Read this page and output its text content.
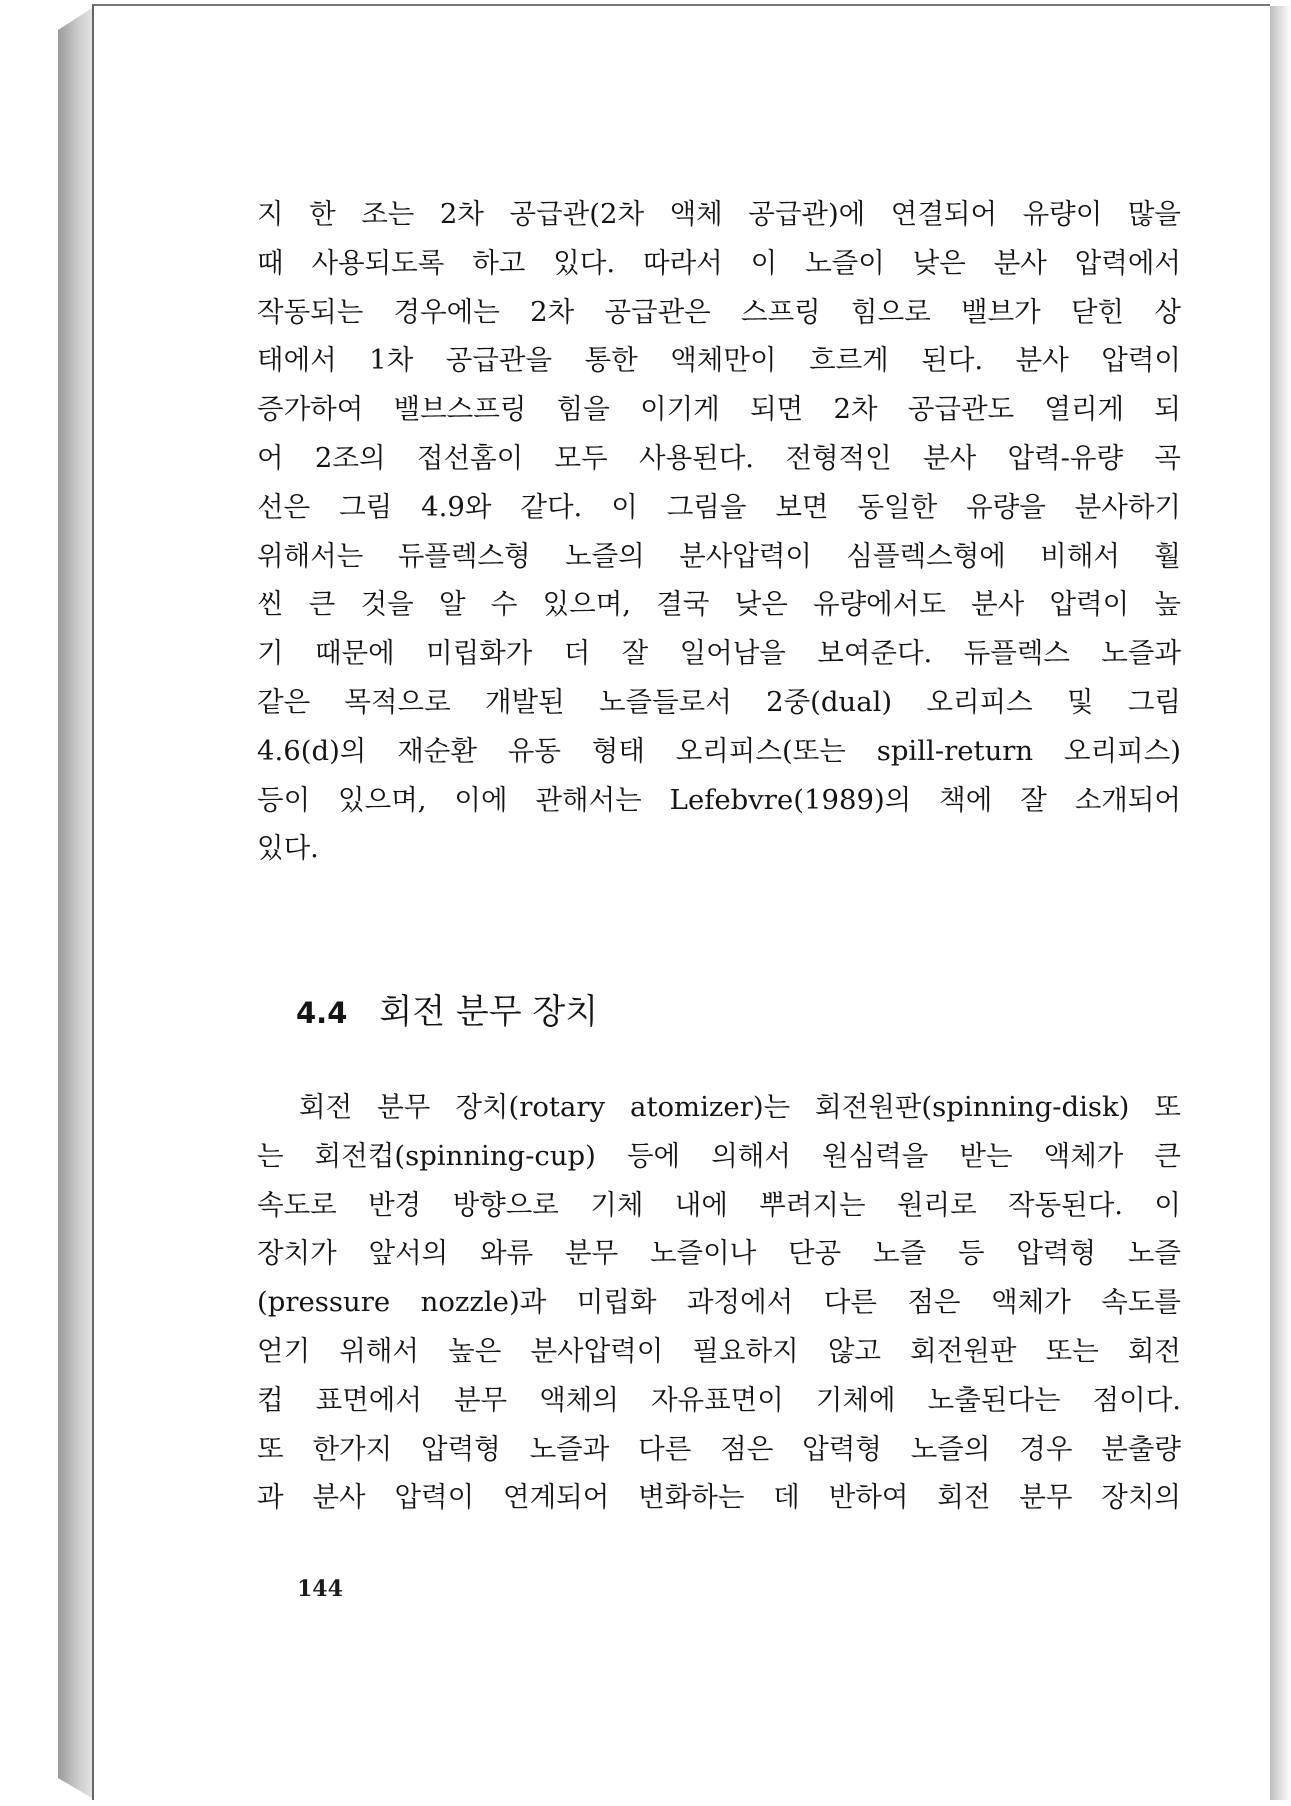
지 한 조는 2차 공급관(2차 액체 공급관)에 연결되어 유량이 많을
때 사용되도록 하고 있다. 따라서 이 노즐이 낮은 분사 압력에서
작동되는 경우에는 2차 공급관은 스프링 힘으로 밸브가 닫힌 상
태에서 1차 공급관을 통한 액체만이 흐르게 된다. 분사 압력이
증가하여 밸브스프링 힘을 이기게 되면 2차 공급관도 열리게 되
어 2조의 접선홈이 모두 사용된다. 전형적인 분사 압력-유량 곡
선은 그림 4.9와 같다. 이 그림을 보면 동일한 유량을 분사하기
위해서는 듀플렉스형 노즐의 분사압력이 심플렉스형에 비해서 훨
씬 큰 것을 알 수 있으며, 결국 낮은 유량에서도 분사 압력이 높
기 때문에 미립화가 더 잘 일어남을 보여준다. 듀플렉스 노즐과
같은 목적으로 개발된 노즐들로서 2중(dual) 오리피스 및 그림
4.6(d)의 재순환 유동 형태 오리피스(또는 spill-return 오리피스)
등이 있으며, 이에 관해서는 Lefebvre(1989)의 책에 잘 소개되어
있다.
4.4 회전 분무 장치
회전 분무 장치(rotary atomizer)는 회전원판(spinning-disk) 또
는 회전컵(spinning-cup) 등에 의해서 원심력을 받는 액체가 큰
속도로 반경 방향으로 기체 내에 뿌려지는 원리로 작동된다. 이
장치가 앞서의 와류 분무 노즐이나 단공 노즐 등 압력형 노즐
(pressure nozzle)과 미립화 과정에서 다른 점은 액체가 속도를
얻기 위해서 높은 분사압력이 필요하지 않고 회전원판 또는 회전
컵 표면에서 분무 액체의 자유표면이 기체에 노출된다는 점이다.
또 한가지 압력형 노즐과 다른 점은 압력형 노즐의 경우 분출량
과 분사 압력이 연계되어 변화하는 데 반하여 회전 분무 장치의
144
